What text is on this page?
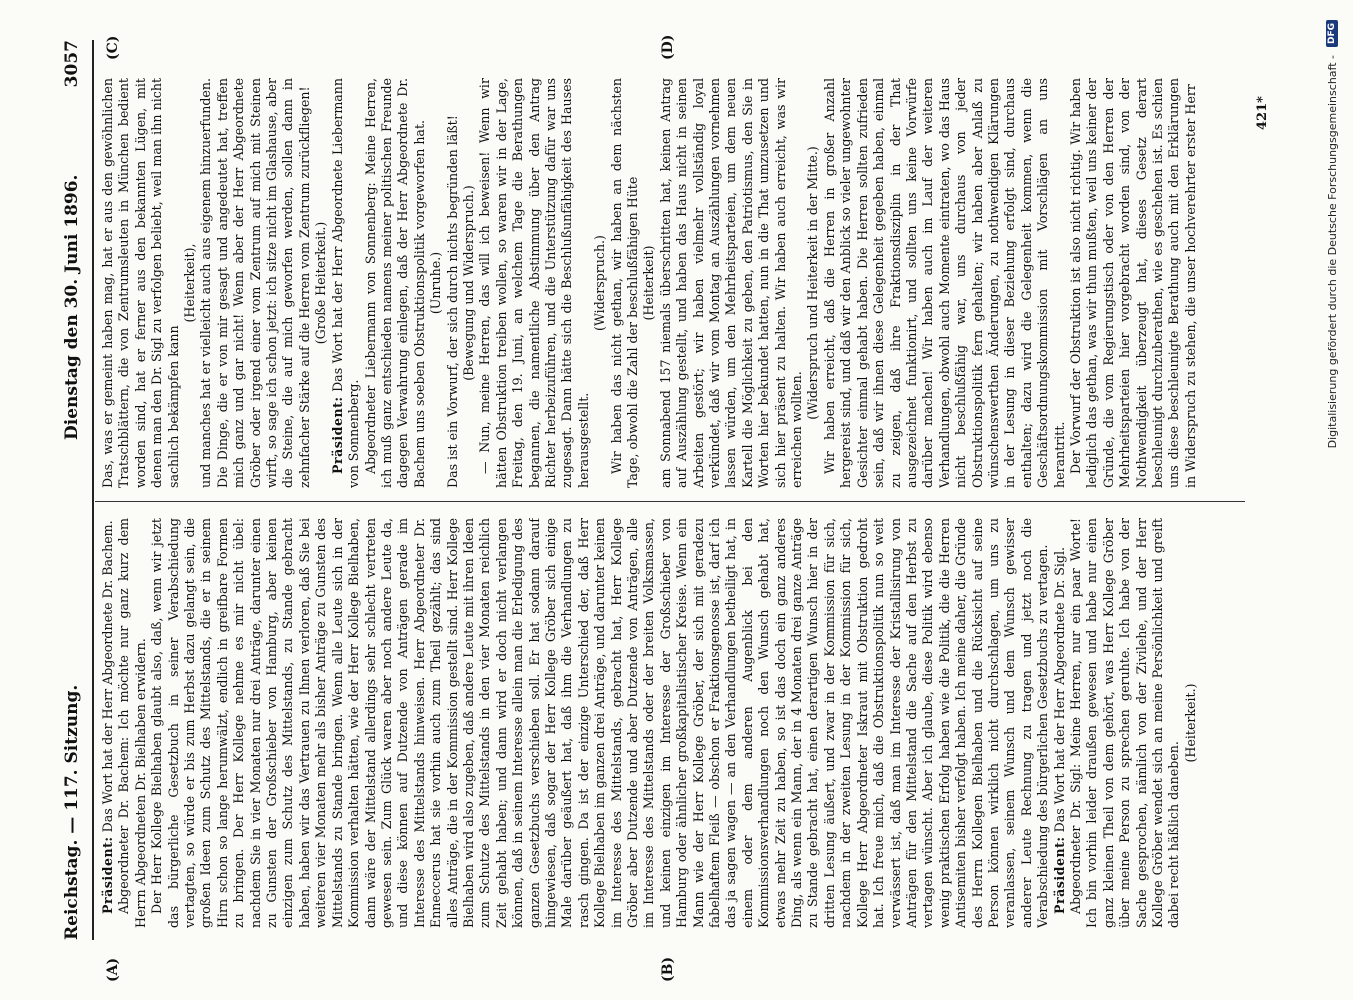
Reichstag. — 117. Sitzung.
Dienstag den 30. Juni 1896.
3057
(A)	(B)
(C)	(D)

Präsident: Das Wort hat der Herr Abgeordnete Dr. Bachem. Abgeordneter Dr. Bachem: Ich möchte nur ganz kurz dem Herrn Abgeordneten Dr. Bielhaben erwidern. Der Herr Kollege Bielhaben glaubt also, daß, wenn wir jetzt das bürgerliche Gesetzbuch in seiner Verabschiedung vertagten, so würde er bis zum Herbst dazu gelangt sein, die großen Ideen zum Schutz des Mittelstands, die er in seinem Hirn schon so lange herumwälzt, endlich in greifbare Formen zu bringen. Der Herr Kollege nehme es mir nicht übel: nachdem Sie in vier Monaten nur drei Anträge, darunter einen zu Gunsten der Großschieber von Hamburg, aber keinen einzigen zum Schutz des Mittelstands, zu Stande gebracht haben, haben wir das Vertrauen zu Ihnen verloren, daß Sie bei weiteren vier Monaten mehr als bisher Anträge zu Gunsten des Mittelstands zu Stande bringen. Wenn alle Leute sich in der Kommission verhalten hätten, wie der Herr Kollege Bielhaben, dann wäre der Mittelstand allerdings sehr schlecht vertreten gewesen sein. Zum Glück waren aber noch andere Leute da, und diese können auf Dutzende von Anträgen gerade im Interesse des Mittelstands hinweisen. Herr Abgeordneter Dr. Enneccerus hat sie vorhin auch zum Theil gezählt; das sind alles Anträge, die in der Kommission gestellt sind. Herr Kollege Bielhaben wird also zugeben, daß andere Leute mit ihren Ideen zum Schutze des Mittelstands in den vier Monaten reichlich Zeit gehabt haben; und dann wird er doch nicht verlangen können, daß in seinem Interesse allein man die Erledigung des ganzen Gesetzbuchs verschieben soll. Er hat sodann darauf hingewiesen, daß sogar der Herr Kollege Gröber sich einige Male darüber geäußert hat, daß ihm die Verhandlungen zu rasch gingen. Da ist der einzige Unterschied der, daß Herr Kollege Bielhaben im ganzen drei Anträge, und darunter keinen im Interesse des Mittelstands, gebracht hat, Herr Kollege Gröber aber Dutzende und aber Dutzende von Anträgen, alle im Interesse des Mittelstands oder der breiten Volksmassen, und keinen einzigen im Interesse der Großschieber von Hamburg oder ähnlicher großkapitalistischer Kreise. Wenn ein Mann wie der Herr Kollege Gröber, der sich mit geradezu fabelhaftem Fleiß — obschon er Fraktionsgenosse ist, darf ich das ja sagen wagen — an den Verhandlungen betheiligt hat, in einem oder dem anderen Augenblick bei den Kommissionsverhandlungen noch den Wunsch gehabt hat, etwas mehr Zeit zu haben, so ist das doch ein ganz anderes Ding, als wenn ein Mann, der in 4 Monaten drei ganze Anträge zu Stande gebracht hat, einen derartigen Wunsch hier in der dritten Lesung äußert, und zwar in der Kommission für sich, nachdem in der zweiten Lesung in der Kommission für sich, Kollege Herr Abgeordneter Iskraut mit Obstruktion gedroht hat. Ich freue mich, daß die Obstruktionspolitik nun so weit verwässert ist, daß man im Interesse der Kristallisirung von Anträgen für den Mittelstand die Sache auf den Herbst zu vertagen wünscht. Aber ich glaube, diese Politik wird ebenso wenig praktischen Erfolg haben wie die Politik, die die Herren Antisemiten bisher verfolgt haben. Ich meine daher, die Gründe des Herrn Kollegen Bielhaben und die Rücksicht auf seine Person können wirklich nicht durchschlagen, um uns zu veranlassen, seinem Wunsch und dem Wunsch gewisser anderer Leute Rechnung zu tragen und jetzt noch die Verabschiedung des bürgerlichen Gesetzbuchs zu vertagen. Präsident: Das Wort hat der Herr Abgeordnete Dr. Sigl. Abgeordneter Dr. Sigl: Meine Herren, nur ein paar Worte! Ich bin vorhin leider draußen gewesen und habe nur einen ganz kleinen Theil von dem gehört, was Herr Kollege Gröber über meine Person zu sprechen geruhte. Ich habe von der Sache gesprochen, nämlich von der Zivilehe, und der Herr Kollege Gröber wendet sich an meine Persönlichkeit und greift dabei recht häßlich daneben.

(Heiterkeit.)

Das, was er gemeint haben mag, hat er aus den gewöhnlichen Tratschblättern, die von Zentrumsleuten in München bedient worden sind, hat er ferner aus den bekannten Lügen, mit denen man den Dr. Sigl zu verfolgen beliebt, weil man ihn nicht sachlich bekämpfen kann

(Heiterkeit), und manches hat er vielleicht auch aus eigenem hinzuerfunden. Die Dinge, die er von mir gesagt und angedeutet hat, treffen mich ganz und gar nicht! Wenn aber der Herr Abgeordnete Gröber oder irgend einer vom Zentrum auf mich mit Steinen wirft, so sage ich schon jetzt: ich sitze nicht im Glashause, aber die Steine, die auf mich geworfen werden, sollen dann in zehnfacher Stärke auf die Herren vom Zentrum zurückfliegen! (Große Heiterkeit.)

Präsident: Das Wort hat der Herr Abgeordnete Liebermann von Sonnenberg. Abgeordneter Liebermann von Sonnenberg: Meine Herren, ich muß ganz entschieden namens meiner politischen Freunde dagegen Verwahrung einlegen, daß der Herr Abgeordnete Dr. Bachem uns soeben Obstruktionspolitik vorgeworfen hat. (Unruhe.) Das ist ein Vorwurf, der sich durch nichts begründen läßt! (Bewegung und Widerspruch.) — Nun, meine Herren, das will ich beweisen! Wenn wir hätten Obstruktion treiben wollen, so waren wir in der Lage, Freitag, den 19. Juni, an welchem Tage die Berathungen begannen, die namentliche Abstimmung über den Antrag Richter herbeizuführen, und die Unterstützung dafür war uns zugesagt. Dann hätte sich die Beschlußunfähigkeit des Hauses herausgestellt.

(Widerspruch.) Wir haben das nicht gethan, wir haben an dem nächsten Tage, obwohl die Zahl der beschlußfähigen Hüte (Heiterkeit) am Sonnabend 157 niemals überschritten hat, keinen Antrag auf Auszählung gestellt, und haben das Haus nicht in seinen Arbeiten gestört; wir haben vielmehr vollständig loyal verkündet, daß wir vom Montag an Auszählungen vornehmen lassen würden, um den Mehrheitsparteien, um dem neuen Kartell die Möglichkeit zu geben, den Patriotismus, den Sie in Worten hier bekundet hatten, nun in die That umzusetzen und sich hier präsent zu halten. Wir haben auch erreicht, was wir erreichen wollten.

(Widerspruch und Heiterkeit in der Mitte.) Wir haben erreicht, daß die Herren in großer Anzahl hergereist sind, und daß wir den Anblick so vieler ungewohnter Gesichter einmal gehabt haben. Die Herren sollten zufrieden sein, daß wir ihnen diese Gelegenheit gegeben haben, einmal zu zeigen, daß ihre Fraktionsdisziplin in der That ausgezeichnet funktionirt, und sollten uns keine Vorwürfe darüber machen! Wir haben auch im Lauf der weiteren Verhandlungen, obwohl auch Momente eintraten, wo das Haus nicht beschlußfähig war, uns durchaus von jeder Obstruktionspolitik fern gehalten; wir haben aber Anlaß zu wünschenswerthen Änderungen, zu nothwendigen Klärungen in der Lesung in dieser Beziehung erfolgt sind, durchaus enthalten; dazu wird die Gelegenheit kommen, wenn die Geschäftsordnungskommission mit Vorschlägen an uns herantritt. Der Vorwurf der Obstruktion ist also nicht richtig. Wir haben lediglich das gethan, was wir thun mußten, weil uns keiner der Gründe, die vom Regierungstisch oder von den Herren der Mehrheitsparteien hier vorgebracht worden sind, von der Nothwendigkeit überzeugt hat, dieses Gesetz derart beschleunigt durchzuberathen, wie es geschehen ist. Es schien uns diese beschleunigte Berathung auch mit den Erklärungen in Widerspruch zu stehen, die unser hochverehrter erster Herr	421*	Digitalisierung gefördert durch die Deutsche Forschungsgemeinschaft -
DFG
